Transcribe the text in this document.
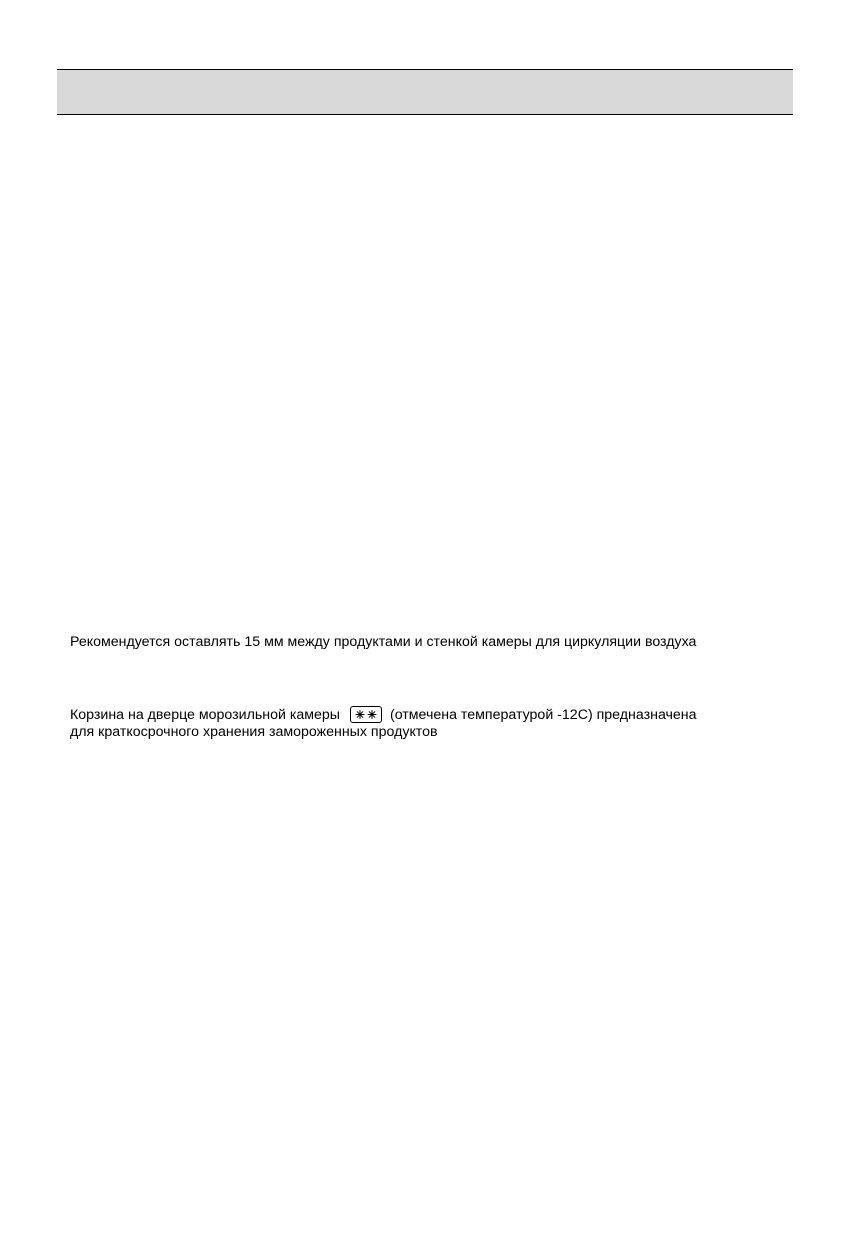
Рекомендуется оставлять 15 мм между продуктами и стенкой камеры для циркуляции воздуха
Корзина на дверце морозильной камеры	(отмечена температурой -12C) предназначена
для краткосрочного хранения замороженных продуктов
